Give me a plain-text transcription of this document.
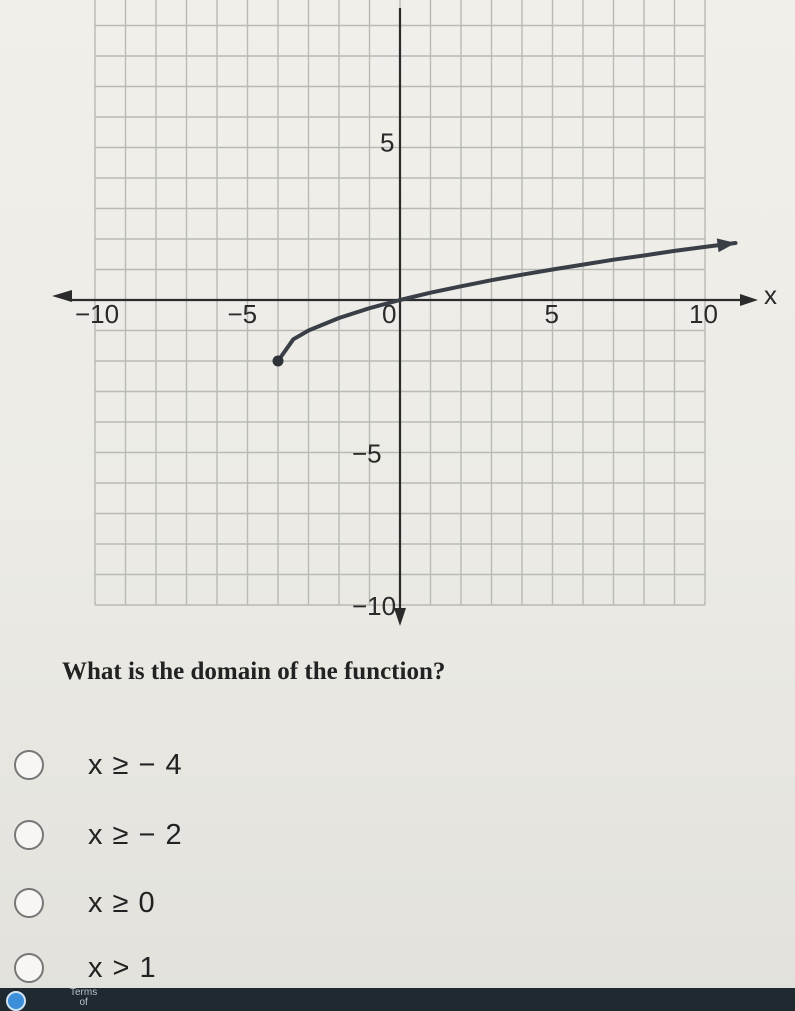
−10	−5	0	5	10
−10
−5
5
x
What is the domain of the function?
x ≥ − 4
x ≥ − 2
x ≥ 0
x > 1
Terms
of
